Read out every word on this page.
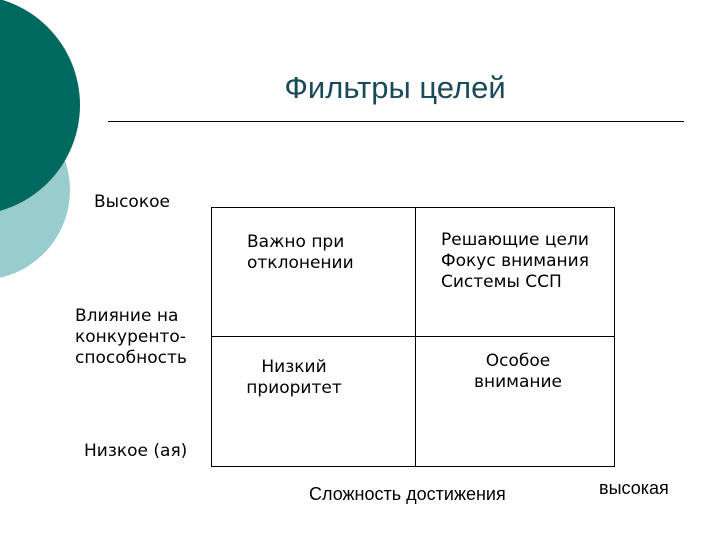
Фильтры целей
Высокое
Влияние на
конкуренто-
способность
Низкое (ая)
Важно при
отклонении
Решающие цели
Фокус внимания
Системы ССП
Низкий
приоритет
Особое
внимание
Сложность достижения	высокая
